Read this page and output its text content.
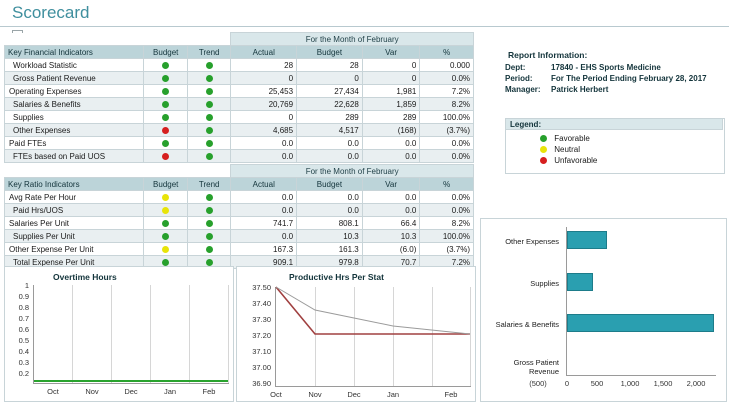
Scorecard
			For the Month of February			
Key Financial Indicators	Budget	Trend	Actual	Budget	Var	%
Workload Statistic			28	28	0	0.000
Gross Patient Revenue			0	0	0	0.0%
Operating Expenses			25,453	27,434	1,981	7.2%
Salaries & Benefits			20,769	22,628	1,859	8.2%
Supplies			0	289	289	100.0%
Other Expenses			4,685	4,517	(168)	(3.7%)
Paid FTEs			0.0	0.0	0.0	0.0%
FTEs based on Paid UOS			0.0	0.0	0.0	0.0%
			For the Month of February			
Key Ratio Indicators	Budget	Trend	Actual	Budget	Var	%
Avg Rate Per Hour			0.0	0.0	0.0	0.0%
Paid Hrs/UOS			0.0	0.0	0.0	0.0%
Salaries Per Unit			741.7	808.1	66.4	8.2%
Supplies Per Unit			0.0	10.3	10.3	100.0%
Other Expense Per Unit			167.3	161.3	(6.0)	(3.7%)
Total Expense Per Unit			909.1	979.8	70.7	7.2%
Report Information:
Dept:	17840 - EHS Sports Medicine
Period:	For The Period Ending February 28, 2017
Manager:	Patrick Herbert
Legend:
Favorable
Neutral
Unfavorable
Overtime Hours
1
0.9
0.8
0.7
0.6
0.5
0.4
0.3
0.2
Oct	Nov	Dec	Jan	Feb
Productive Hrs Per Stat
37.50
37.40
37.30
37.20
37.10
37.00
36.90
Oct	Nov	Dec	Jan	Feb
Other Expenses
Supplies
Salaries & Benefits
Gross Patient Revenue
(500)	0	500	1,000	1,500	2,000
